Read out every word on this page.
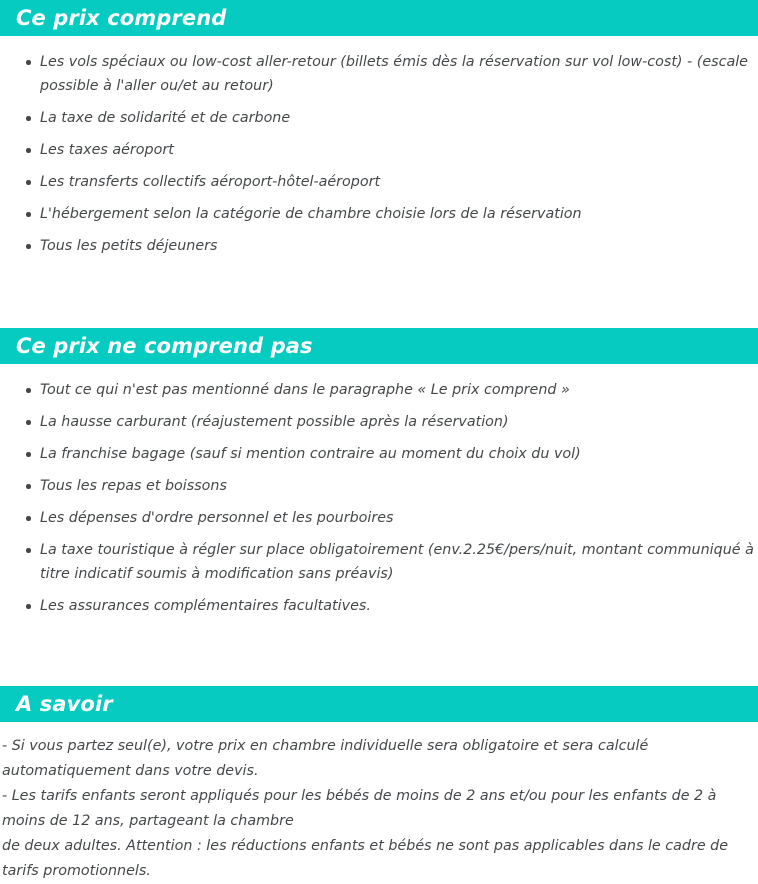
Ce prix comprend
Les vols spéciaux ou low-cost aller-retour (billets émis dès la réservation sur vol low-cost) - (escale possible à l'aller ou/et au retour)
La taxe de solidarité et de carbone
Les taxes aéroport
Les transferts collectifs aéroport-hôtel-aéroport
L'hébergement selon la catégorie de chambre choisie lors de la réservation
Tous les petits déjeuners
Ce prix ne comprend pas
Tout ce qui n'est pas mentionné dans le paragraphe « Le prix comprend »
La hausse carburant (réajustement possible après la réservation)
La franchise bagage (sauf si mention contraire au moment du choix du vol)
Tous les repas et boissons
Les dépenses d'ordre personnel et les pourboires
La taxe touristique à régler sur place obligatoirement (env.2.25€/pers/nuit, montant communiqué à titre indicatif soumis à modification sans préavis)
Les assurances complémentaires facultatives.
A savoir

- Si vous partez seul(e), votre prix en chambre individuelle sera obligatoire et sera calculé automatiquement dans votre devis.

- Les tarifs enfants seront appliqués pour les bébés de moins de 2 ans et/ou pour les enfants de 2 à moins de 12 ans, partageant la chambre

de deux adultes. Attention : les réductions enfants et bébés ne sont pas applicables dans le cadre de tarifs promotionnels.
